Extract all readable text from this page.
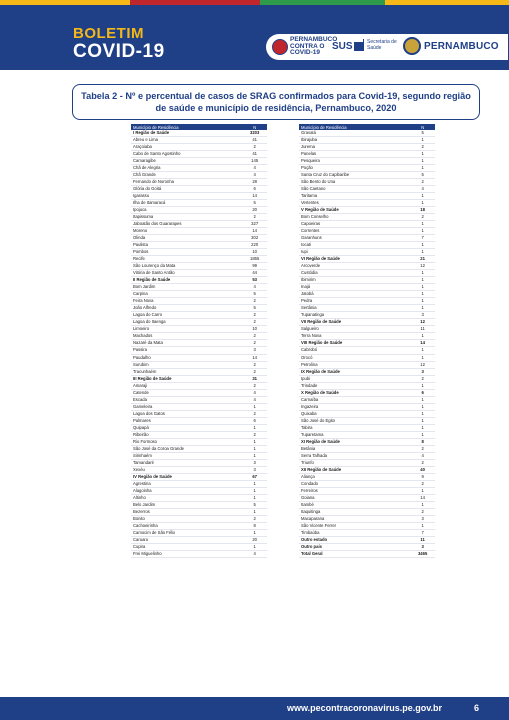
BOLETIM
COVID-19
PERNAMBUCO CONTRA O COVID-19
SUS	Secretaria de Saúde	PERNAMBUCO
Tabela 2 - Nº e percentual de casos de SRAG confirmados para Covid-19, segundo região de saúde e município de residência, Pernambuco, 2020
Município de Residência	N
I Região de Saúde	3203
Abreu e Lima	41
Araçoiaba	2
Cabo de Santo Agostinho	41
Camaragibe	145
Chã de Alegria	4
Chã Grande	4
Fernando de Noronha	28
Glória do Goitá	6
Igarassu	14
Ilha de Itamaracá	5
Ipojuca	20
Itapissuma	2
Jaboatão dos Guararapes	327
Moreno	14
Olinda	302
Paulista	220
Pombos	10
Recife	1855
São Lourenço da Mata	99
Vitória de Santo Antão	44
II Região de Saúde	53
Bom Jardim	4
Carpina	5
Feira Nova	2
João Alfredo	5
Lagoa do Carro	2
Lagoa do Itaenga	2
Limoeiro	10
Machados	2
Nazaré da Mata	2
Passira	3
Paudalho	14
Surubim	2
Tracunhaém	2
III Região de Saúde	31
Amaraji	2
Catende	4
Escada	4
Gameleira	1
Lagoa dos Gatos	2
Palmares	6
Quipapá	1
Ribeirão	2
Rio Formoso	1
São José da Coroa Grande	1
Sirinhaém	1
Tamandaré	3
Xexéu	3
IV Região de Saúde	67
Agrestina	1
Alagoinha	1
Altinho	1
Belo Jardim	5
Bezerros	1
Bonito	2
Cachoeirinha	8
Camocim de São Félix	1
Caruaru	20
Cupira	1
Frei Miguelinho	4
Município de Residência	N
Gravatá	5
Ibirajuba	1
Jurema	2
Panelas	1
Pesqueira	1
Poção	1
Santa Cruz do Capibaribe	5
São Bento do Una	2
São Caetano	4
Taritama	1
Vertentes	1
V Região de Saúde	18
Bom Conselho	2
Capoeiras	1
Correntes	1
Garanhuns	7
Iocati	1
Iupi	1
VI Região de Saúde	21
Arcoverde	12
Custódia	1
Ibimirim	1
Inajá	1
Jatobá	1
Pedra	1
Sertânia	1
Tupanatinga	3
VII Região de Saúde	12
Salgueiro	11
Terra Nova	1
VIII Região de Saúde	14
Cabrobó	1
Orocó	1
Petrolina	12
IX Região de Saúde	3
Ipubi	2
Trindade	1
X Região de Saúde	6
Carnaíba	1
Ingazeira	1
Quixaba	1
São José do Egito	1
Tabira	1
Tuparetama	1
XI Região de Saúde	8
Betânia	2
Serra Talhada	4
Triunfo	2
XII Região de Saúde	40
Aliança	9
Condado	2
Ferreiros	1
Goiana	14
Itambé	1
Itaquitinga	2
Macaparana	3
São Vicente Ferrer	1
Timbaúba	7
Outro estado	11
Outro país	3
Total Geral	3465
www.pecontracoronavirus.pe.gov.br	6
